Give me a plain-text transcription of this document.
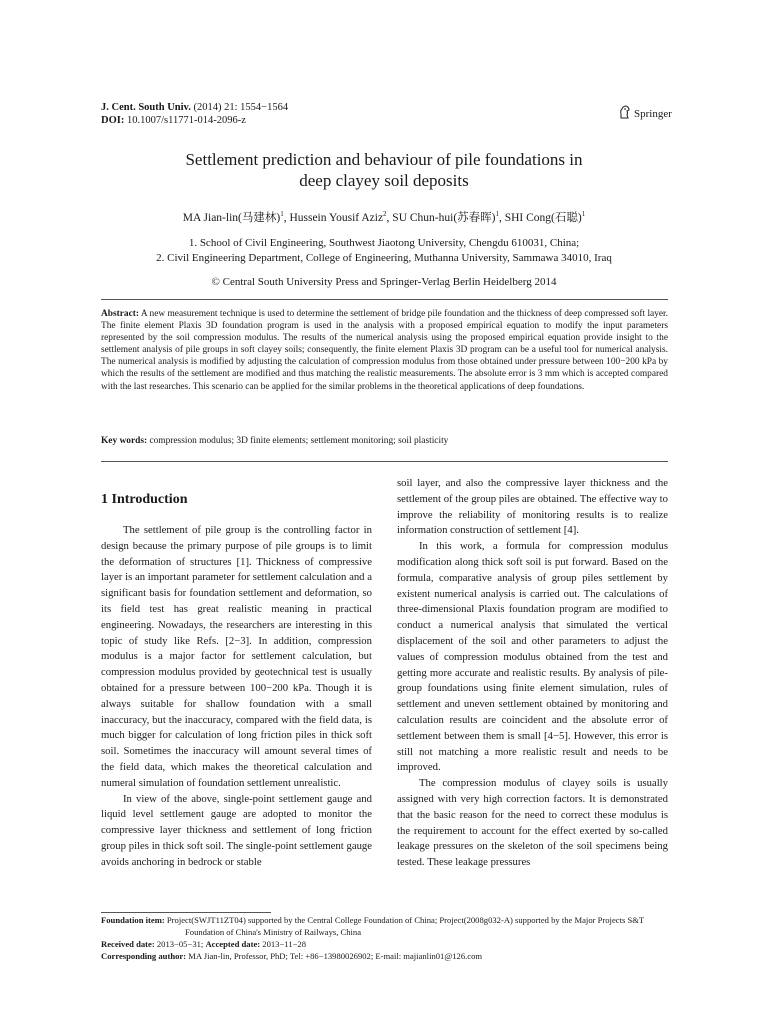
J. Cent. South Univ. (2014) 21: 1554−1564
DOI: 10.1007/s11771-014-2096-z
Springer
Settlement prediction and behaviour of pile foundations in
deep clayey soil deposits
MA Jian-lin(马建林)$^1$, Hussein Yousif Aziz$^2$, SU Chun-hui(苏春晖)$^1$, SHI Cong(石聪)$^1$
1. School of Civil Engineering, Southwest Jiaotong University, Chengdu 610031, China;
2. Civil Engineering Department, College of Engineering, Muthanna University, Sammawa 34010, Iraq
© Central South University Press and Springer-Verlag Berlin Heidelberg 2014
Abstract: A new measurement technique is used to determine the settlement of bridge pile foundation and the thickness of deep compressed soft layer. The finite element Plaxis 3D foundation program is used in the analysis with a proposed empirical equation to modify the input parameters represented by the soil compression modulus. The results of the numerical analysis using the proposed empirical equation provide insight to the settlement analysis of pile groups in soft clayey soils; consequently, the finite element Plaxis 3D program can be a useful tool for numerical analysis. The numerical analysis is modified by adjusting the calculation of compression modulus from those obtained under pressure between 100−200 kPa by which the results of the settlement are modified and thus matching the realistic measurements. The absolute error is 3 mm which is accepted compared with the last researches. This scenario can be applied for the similar problems in the theoretical applications of deep foundations.
Key words: compression modulus; 3D finite elements; settlement monitoring; soil plasticity
1 Introduction

The settlement of pile group is the controlling factor in design because the primary purpose of pile groups is to limit the deformation of structures [1]. Thickness of compressive layer is an important parameter for settlement calculation and a significant basis for foundation settlement and deformation, so its field test has great realistic meaning in practical engineering. Nowadays, the researchers are interesting in this topic of study like Refs. [2−3]. In addition, compression modulus is a major factor for settlement calculation, but compression modulus provided by geotechnical test is usually obtained for a pressure between 100−200 kPa. Though it is always suitable for shallow foundation with a small inaccuracy, but the inaccuracy, compared with the field data, is much bigger for calculation of long friction piles in thick soft soil. Sometimes the inaccuracy will amount several times of the field data, which makes the theoretical calculation and numeral simulation of foundation settlement unrealistic.

In view of the above, single-point settlement gauge and liquid level settlement gauge are adopted to monitor the compressive layer thickness and settlement of long friction group piles in thick soft soil. The single-point settlement gauge avoids anchoring in bedrock or stable

soil layer, and also the compressive layer thickness and the settlement of the group piles are obtained. The effective way to improve the reliability of monitoring results is to realize information construction of settlement [4].

In this work, a formula for compression modulus modification along thick soft soil is put forward. Based on the formula, comparative analysis of group piles settlement by existent numerical analysis is carried out. The calculations of three-dimensional Plaxis foundation program are modified to conduct a numerical analysis that simulated the vertical displacement of the soil and other parameters to adjust the values of compression modulus obtained from the test and getting more accurate and realistic results. By analysis of pile-group foundations using finite element simulation, rules of settlement and uneven settlement obtained by monitoring and calculation results are coincident and the absolute error of settlement between them is small [4−5]. However, this error is still not matching a more realistic result and needs to be improved.

The compression modulus of clayey soils is usually assigned with very high correction factors. It is demonstrated that the basic reason for the need to correct these modulus is the requirement to account for the effect exerted by so-called leakage pressures on the skeleton of the soil specimens being tested. These leakage pressures

Foundation item: Project(SWJT11ZT04) supported by the Central College Foundation of China; Project(2008g032-A) supported by the Major Projects S&T
Foundation of China's Ministry of Railways, China
Received date: 2013−05−31; Accepted date: 2013−11−28
Corresponding author: MA Jian-lin, Professor, PhD; Tel: +86−13980026902; E-mail: majianlin01@126.com
